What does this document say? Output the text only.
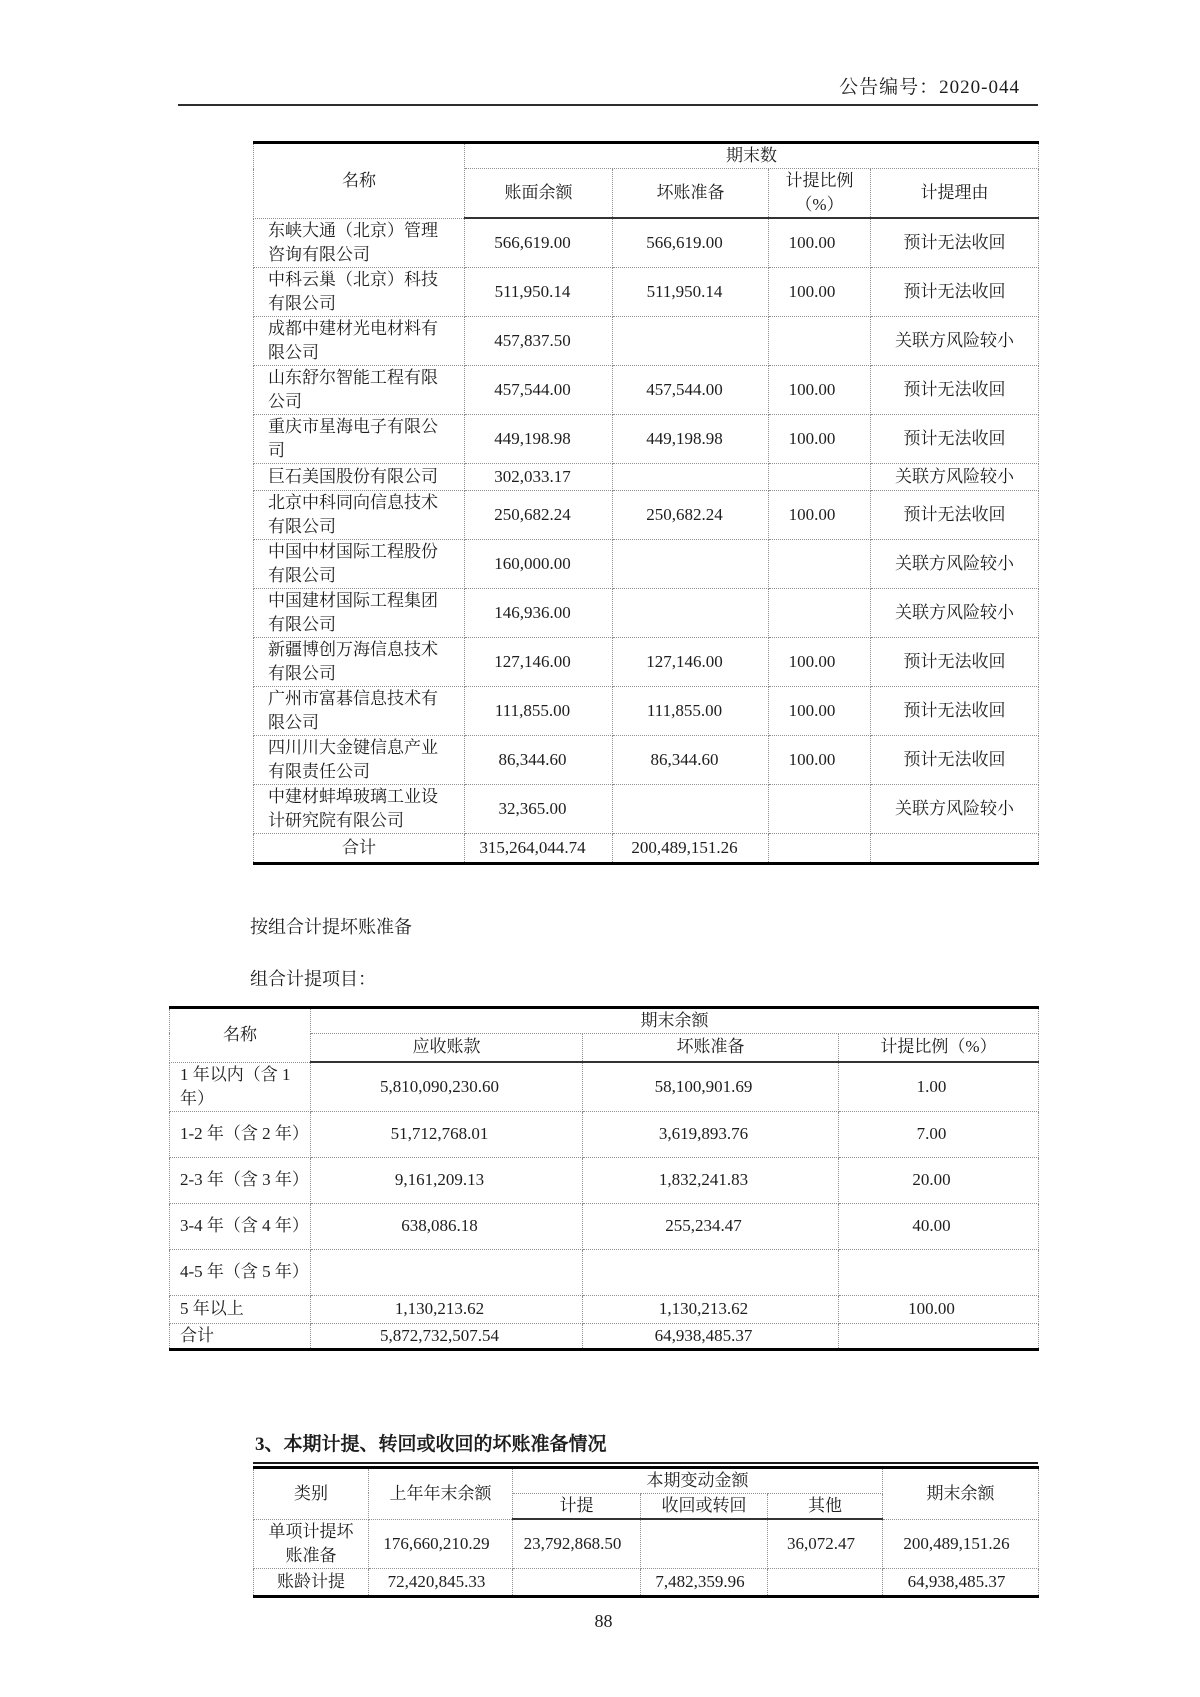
公告编号：2020-044
名称	期末数			
	账面余额	坏账准备	计提比例（%）	计提理由
东峡大通（北京）管理咨询有限公司	566,619.00	566,619.00	100.00	预计无法收回
中科云巢（北京）科技有限公司	511,950.14	511,950.14	100.00	预计无法收回
成都中建材光电材料有限公司	457,837.50			关联方风险较小
山东舒尔智能工程有限公司	457,544.00	457,544.00	100.00	预计无法收回
重庆市星海电子有限公司	449,198.98	449,198.98	100.00	预计无法收回
巨石美国股份有限公司	302,033.17			关联方风险较小
北京中科同向信息技术有限公司	250,682.24	250,682.24	100.00	预计无法收回
中国中材国际工程股份有限公司	160,000.00			关联方风险较小
中国建材国际工程集团有限公司	146,936.00			关联方风险较小
新疆博创万海信息技术有限公司	127,146.00	127,146.00	100.00	预计无法收回
广州市富碁信息技术有限公司	111,855.00	111,855.00	100.00	预计无法收回
四川川大金键信息产业有限责任公司	86,344.60	86,344.60	100.00	预计无法收回
中建材蚌埠玻璃工业设计研究院有限公司	32,365.00			关联方风险较小
合计	315,264,044.74	200,489,151.26		

按组合计提坏账准备

组合计提项目：

名称	期末余额		
	应收账款	坏账准备	计提比例（%）
1 年以内（含 1 年）	5,810,090,230.60	58,100,901.69	1.00
1-2 年（含 2 年）	51,712,768.01	3,619,893.76	7.00
2-3 年（含 3 年）	9,161,209.13	1,832,241.83	20.00
3-4 年（含 4 年）	638,086.18	255,234.47	40.00
4-5 年（含 5 年）			
5 年以上	1,130,213.62	1,130,213.62	100.00
合计	5,872,732,507.54	64,938,485.37	
3、本期计提、转回或收回的坏账准备情况
类别	上年年末余额	本期变动金额			期末余额
		计提	收回或转回	其他	
单项计提坏账准备	176,660,210.29	23,792,868.50		36,072.47	200,489,151.26
账龄计提	72,420,845.33		7,482,359.96		64,938,485.37
88
